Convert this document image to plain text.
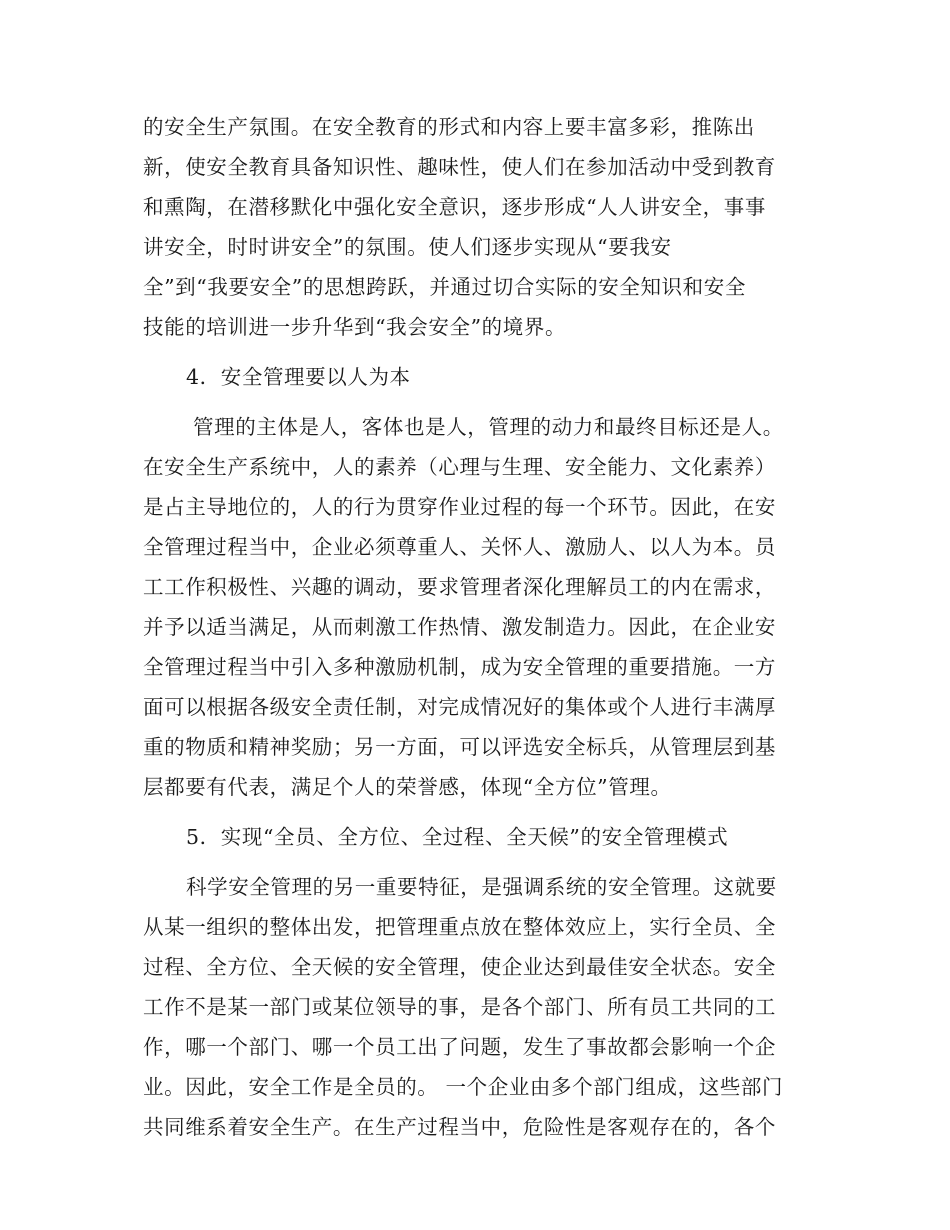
的安全生产氛围。在安全教育的形式和内容上要丰富多彩，推陈出
新，使安全教育具备知识性、趣味性，使人们在参加活动中受到教育
和熏陶，在潜移默化中强化安全意识，逐步形成“人人讲安全，事事
讲安全，时时讲安全”的氛围。使人们逐步实现从“要我安
全”到“我要安全”的思想跨跃，并通过切合实际的安全知识和安全
技能的培训进一步升华到“我会安全”的境界。
4．安全管理要以人为本
管理的主体是人，客体也是人，管理的动力和最终目标还是人。
在安全生产系统中，人的素养（心理与生理、安全能力、文化素养）
是占主导地位的，人的行为贯穿作业过程的每一个环节。因此，在安
全管理过程当中，企业必须尊重人、关怀人、激励人、以人为本。员
工工作积极性、兴趣的调动，要求管理者深化理解员工的内在需求，
并予以适当满足，从而刺激工作热情、激发制造力。因此，在企业安
全管理过程当中引入多种激励机制，成为安全管理的重要措施。一方
面可以根据各级安全责任制，对完成情况好的集体或个人进行丰满厚
重的物质和精神奖励；另一方面，可以评选安全标兵，从管理层到基
层都要有代表，满足个人的荣誉感，体现“全方位”管理。
5．实现“全员、全方位、全过程、全天候”的安全管理模式
科学安全管理的另一重要特征，是强调系统的安全管理。这就要
从某一组织的整体出发，把管理重点放在整体效应上，实行全员、全
过程、全方位、全天候的安全管理，使企业达到最佳安全状态。安全
工作不是某一部门或某位领导的事，是各个部门、所有员工共同的工
作，哪一个部门、哪一个员工出了问题，发生了事故都会影响一个企
业。因此，安全工作是全员的。 一个企业由多个部门组成，这些部门
共同维系着安全生产。在生产过程当中，危险性是客观存在的，各个
